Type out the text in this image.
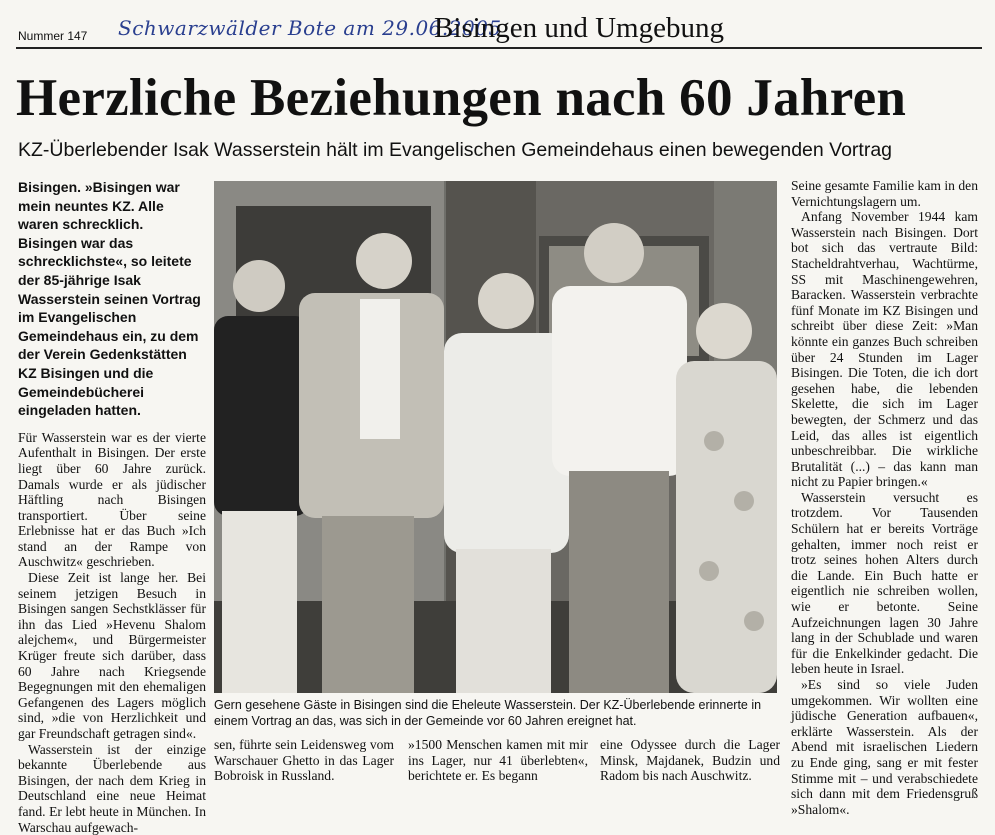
Nummer 147 Schwarzwälder Bote am 29.06.2005
Bisingen und Umgebung
Herzliche Beziehungen nach 60 Jahren
KZ-Überlebender Isak Wasserstein hält im Evangelischen Gemeindehaus einen bewegenden Vortrag

Bisingen. »Bisingen war mein neuntes KZ. Alle waren schrecklich. Bisingen war das schrecklichste«, so leitete der 85-jährige Isak Wasserstein seinen Vortrag im Evangelischen Gemeindehaus ein, zu dem der Verein Gedenkstätten KZ Bisingen und die Gemeindebücherei eingeladen hatten.

Für Wasserstein war es der vierte Aufenthalt in Bisingen. Der erste liegt über 60 Jahre zurück. Damals wurde er als jüdischer Häftling nach Bisingen transportiert. Über seine Erlebnisse hat er das Buch »Ich stand an der Rampe von Auschwitz« geschrieben.

Diese Zeit ist lange her. Bei seinem jetzigen Besuch in Bisingen sangen Sechstklässer für ihn das Lied »Hevenu Shalom alejchem«, und Bürgermeister Krüger freute sich darüber, dass 60 Jahre nach Kriegsende Begegnungen mit den ehemaligen Gefangenen des Lagers möglich sind, »die von Herzlichkeit und gar Freundschaft getragen sind«.

Wasserstein ist der einzige bekannte Überlebende aus Bisingen, der nach dem Krieg in Deutschland eine neue Heimat fand. Er lebt heute in München. In Warschau aufgewach-

Gern gesehene Gäste in Bisingen sind die Eheleute Wasserstein. Der KZ-Überlebende erinnerte in einem Vortrag an das, was sich in der Gemeinde vor 60 Jahren ereignet hat.

sen, führte sein Leidensweg vom Warschauer Ghetto in das Lager Bobroisk in Russland.

»1500 Menschen kamen mit mir ins Lager, nur 41 überlebten«, berichtete er. Es begann

eine Odyssee durch die Lager Minsk, Majdanek, Budzin und Radom bis nach Auschwitz.

Seine gesamte Familie kam in den Vernichtungslagern um.

Anfang November 1944 kam Wasserstein nach Bisingen. Dort bot sich das vertraute Bild: Stacheldrahtverhau, Wachtürme, SS mit Maschinengewehren, Baracken. Wasserstein verbrachte fünf Monate im KZ Bisingen und schreibt über diese Zeit: »Man könnte ein ganzes Buch schreiben über 24 Stunden im Lager Bisingen. Die Toten, die ich dort gesehen habe, die lebenden Skelette, die sich im Lager bewegten, der Schmerz und das Leid, das alles ist eigentlich unbeschreibbar. Die wirkliche Brutalität (...) – das kann man nicht zu Papier bringen.«

Wasserstein versucht es trotzdem. Vor Tausenden Schülern hat er bereits Vorträge gehalten, immer noch reist er trotz seines hohen Alters durch die Lande. Ein Buch hatte er eigentlich nie schreiben wollen, wie er betonte. Seine Aufzeichnungen lagen 30 Jahre lang in der Schublade und waren für die Enkelkinder gedacht. Die leben heute in Israel.

»Es sind so viele Juden umgekommen. Wir wollten eine jüdische Generation aufbauen«, erklärte Wasserstein. Als der Abend mit israelischen Liedern zu Ende ging, sang er mit fester Stimme mit – und verabschiedete sich dann mit dem Friedensgruß »Shalom«.
